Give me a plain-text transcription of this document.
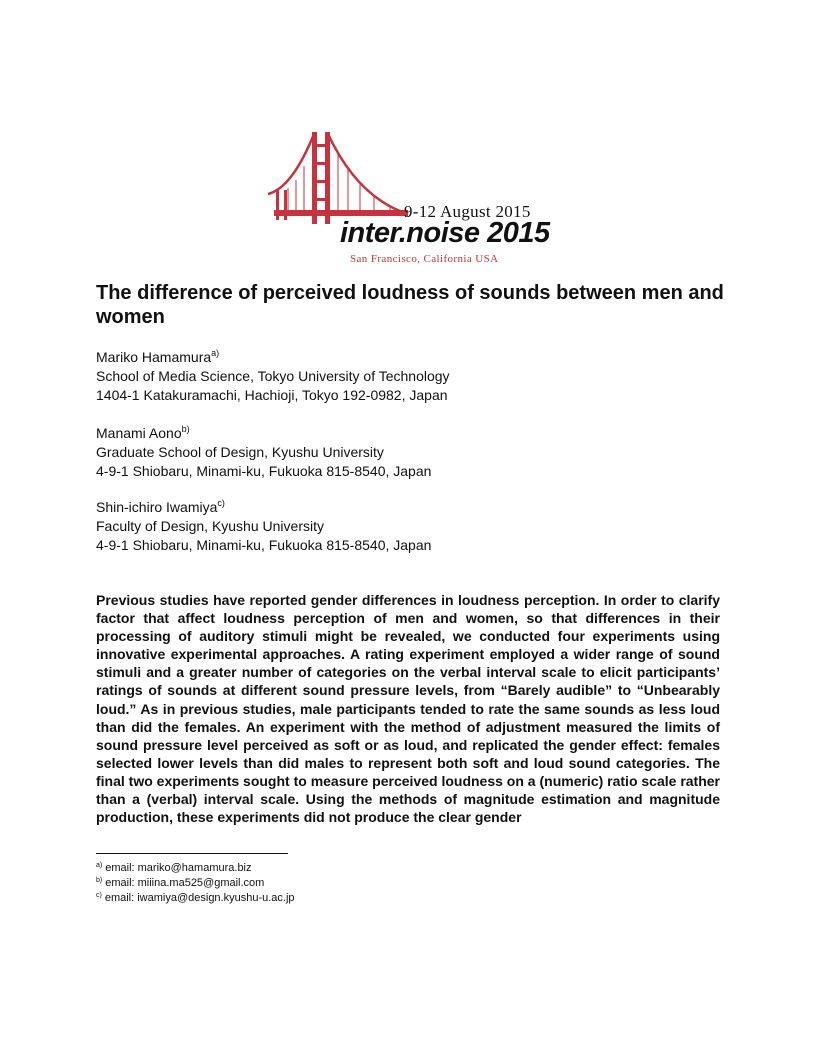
9-12 August 2015
inter.noise 2015
San Francisco, California USA
The difference of perceived loudness of sounds between men and women
Mariko Hamamura$^{a)}$
School of Media Science, Tokyo University of Technology
1404-1 Katakuramachi, Hachioji, Tokyo 192-0982, Japan
Manami Aono$^{b)}$
Graduate School of Design, Kyushu University
4-9-1 Shiobaru, Minami-ku, Fukuoka 815-8540, Japan
Shin-ichiro Iwamiya$^{c)}$
Faculty of Design, Kyushu University
4-9-1 Shiobaru, Minami-ku, Fukuoka 815-8540, Japan

Previous studies have reported gender differences in loudness perception. In order to clarify factor that affect loudness perception of men and women, so that differences in their processing of auditory stimuli might be revealed, we conducted four experiments using innovative experimental approaches. A rating experiment employed a wider range of sound stimuli and a greater number of categories on the verbal interval scale to elicit participants’ ratings of sounds at different sound pressure levels, from “Barely audible” to “Unbearably loud.” As in previous studies, male participants tended to rate the same sounds as less loud than did the females. An experiment with the method of adjustment measured the limits of sound pressure level perceived as soft or as loud, and replicated the gender effect: females selected lower levels than did males to represent both soft and loud sound categories. The final two experiments sought to measure perceived loudness on a (numeric) ratio scale rather than a (verbal) interval scale. Using the methods of magnitude estimation and magnitude production, these experiments did not produce the clear gender

$^{a)}$ email: mariko@hamamura.biz
$^{b)}$ email: miiina.ma525@gmail.com
$^{c)}$ email: iwamiya@design.kyushu-u.ac.jp
